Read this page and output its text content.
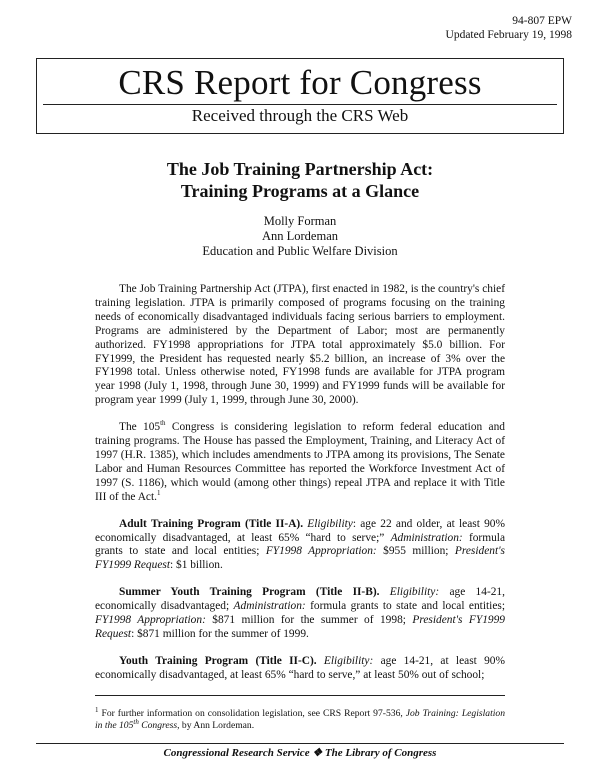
94-807 EPW
Updated February 19, 1998
CRS Report for Congress
Received through the CRS Web
The Job Training Partnership Act:
Training Programs at a Glance
Molly Forman
Ann Lordeman
Education and Public Welfare Division

The Job Training Partnership Act (JTPA), first enacted in 1982, is the country's chief training legislation. JTPA is primarily composed of programs focusing on the training needs of economically disadvantaged individuals facing serious barriers to employment. Programs are administered by the Department of Labor; most are permanently authorized. FY1998 appropriations for JTPA total approximately $5.0 billion. For FY1999, the President has requested nearly $5.2 billion, an increase of 3% over the FY1998 total. Unless otherwise noted, FY1998 funds are available for JTPA program year 1998 (July 1, 1998, through June 30, 1999) and FY1999 funds will be available for program year 1999 (July 1, 1999, through June 30, 2000).

The 105th Congress is considering legislation to reform federal education and training programs. The House has passed the Employment, Training, and Literacy Act of 1997 (H.R. 1385), which includes amendments to JTPA among its provisions, The Senate Labor and Human Resources Committee has reported the Workforce Investment Act of 1997 (S. 1186), which would (among other things) repeal JTPA and replace it with Title III of the Act.$^1$

Adult Training Program (Title II-A). Eligibility: age 22 and older, at least 90% economically disadvantaged, at least 65% “hard to serve;” Administration: formula grants to state and local entities; FY1998 Appropriation: $955 million; President's FY1999 Request: $1 billion.

Summer Youth Training Program (Title II-B). Eligibility: age 14-21, economically disadvantaged; Administration: formula grants to state and local entities; FY1998 Appropriation: $871 million for the summer of 1998; President's FY1999 Request: $871 million for the summer of 1999.

Youth Training Program (Title II-C). Eligibility: age 14-21, at least 90% economically disadvantaged, at least 65% “hard to serve,” at least 50% out of school;

$^1$ For further information on consolidation legislation, see CRS Report 97-536, Job Training: Legislation in the 105th Congress, by Ann Lordeman.
Congressional Research Service ❖ The Library of Congress
